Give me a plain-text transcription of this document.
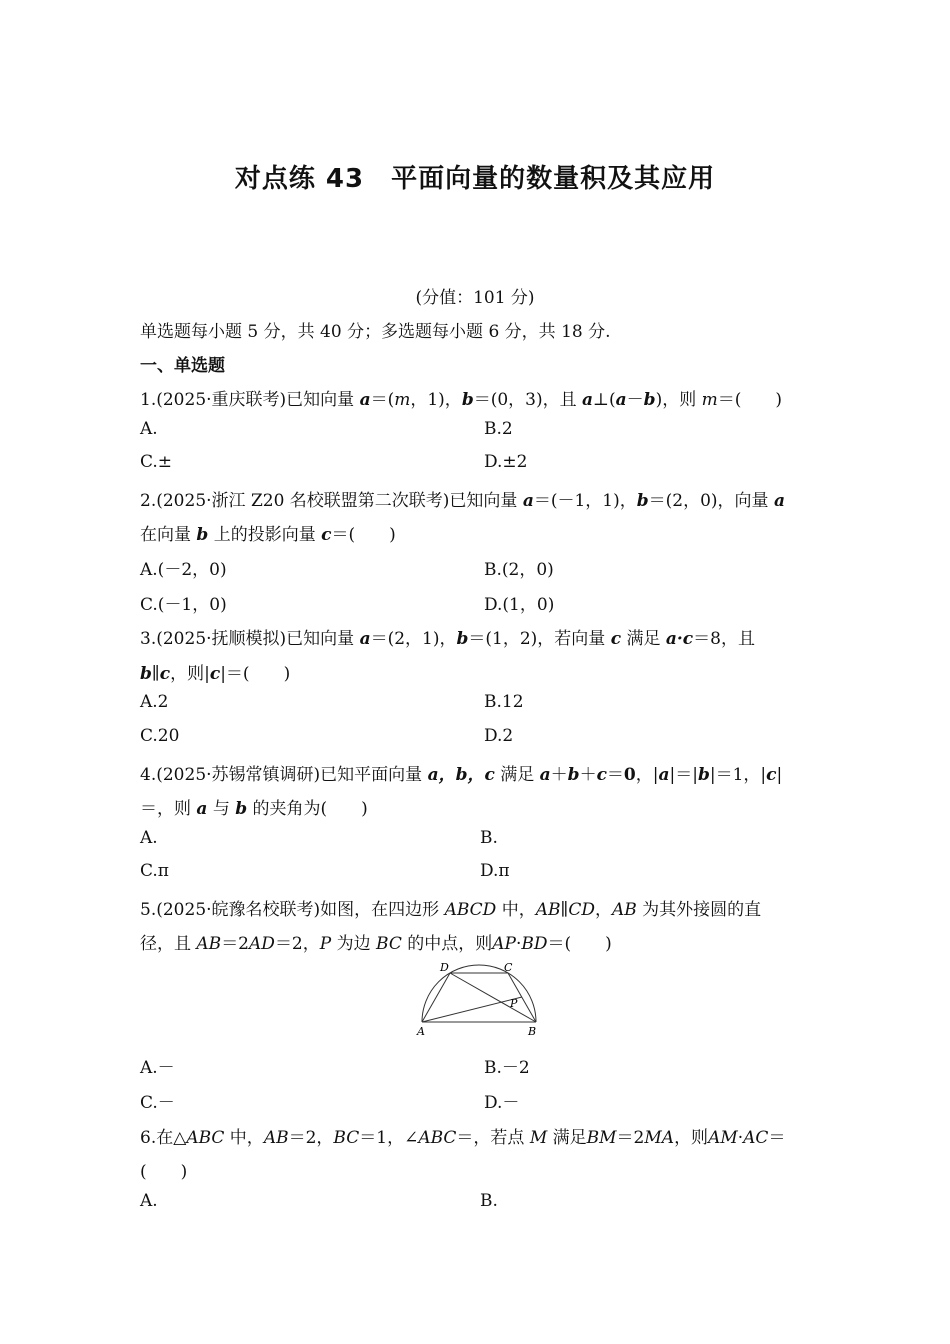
对点练 43　平面向量的数量积及其应用
(分值：101 分)
单选题每小题 5 分，共 40 分；多选题每小题 6 分，共 18 分.
一、单选题
1.(2025·重庆联考)已知向量 a＝(m，1)，b＝(0，3)，且 a⊥(a－b)，则 m＝(　　)
A.	B.2
C.±	D.±2
2.(2025·浙江 Z20 名校联盟第二次联考)已知向量 a＝(－1，1)，b＝(2，0)，向量 a
在向量 b 上的投影向量 c＝(　　)
A.(－2，0)	B.(2，0)
C.(－1，0)	D.(1，0)
3.(2025·抚顺模拟)已知向量 a＝(2，1)，b＝(1，2)，若向量 c 满足 a·c＝8，且
b∥c，则|c|＝(　　)
A.2	B.12
C.20	D.2
4.(2025·苏锡常镇调研)已知平面向量 a，b，c 满足 a＋b＋c＝0，|a|＝|b|＝1，|c|
＝，则 a 与 b 的夹角为(　　)
A.	B.
C.π	D.π
5.(2025·皖豫名校联考)如图，在四边形 ABCD 中，AB∥CD，AB 为其外接圆的直
径，且 AB＝2AD＝2，P 为边 BC 的中点，则AP·BD＝(　　)
D	C
P
A	B
A.－	B.－2
C.－	D.－
6.在△ABC 中，AB＝2，BC＝1，∠ABC＝，若点 M 满足BM＝2MA，则AM·AC＝
(　　)
A.	B.
